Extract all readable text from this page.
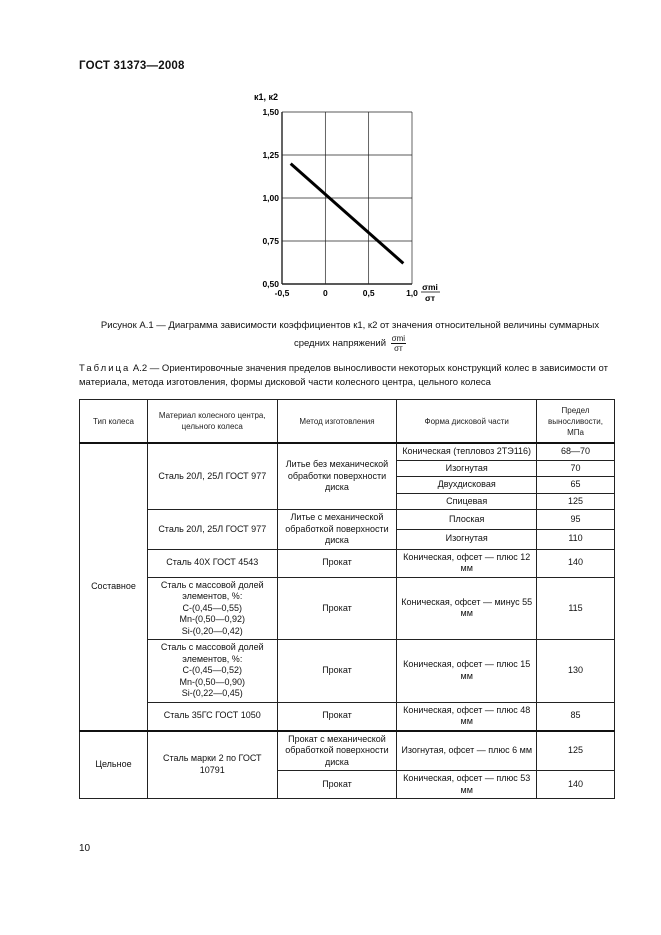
ГОСТ 31373—2008
-0,5	0	0,5	1,0
0,50
0,75
1,00
1,25
1,50
к1, к2
σmi
σт
Рисунок А.1 — Диаграмма зависимости коэффициентов к1, к2 от значения относительной величины суммарных
средних напряжений $\frac{\text{σmi}}{\sigma т}$
Таблица А.2 — Ориентировочные значения пределов выносливости некоторых конструкций колес в зависимости от материала, метода изготовления, формы дисковой части колесного центра, цельного колеса
Тип колеса	Материал колесного центра, цельного колеса	Метод изготовления	Форма дисковой части	Предел выносливости, МПа
Составное	Сталь 20Л, 25Л ГОСТ 977	Литье без механической обработки поверхности диска	Коническая (тепловоз 2ТЭ116)	68—70
			Изогнутая	70
			Двухдисковая	65
			Спицевая	125
	Сталь 20Л, 25Л ГОСТ 977	Литье с механической обработкой поверхности диска	Плоская	95
			Изогнутая	110
	Сталь 40Х ГОСТ 4543	Прокат	Коническая, офсет — плюс 12 мм	140

	Сталь с массовой долей элементов, %:
С-(0,45—0,55)
Mn-(0,50—0,92)
Si-(0,20—0,42)	Прокат	Коническая, офсет — минус 55 мм	115

	Сталь с массовой долей элементов, %:
С-(0,45—0,52)
Mn-(0,50—0,90)
Si-(0,22—0,45)	Прокат	Коническая, офсет — плюс 15 мм	130
	Сталь 35ГС ГОСТ 1050	Прокат	Коническая, офсет — плюс 48 мм	85
Цельное	Сталь марки 2 по ГОСТ 10791	Прокат с механической обработкой поверхности диска	Изогнутая, офсет — плюс 6 мм	125
		Прокат	Коническая, офсет — плюс 53 мм	140
10
